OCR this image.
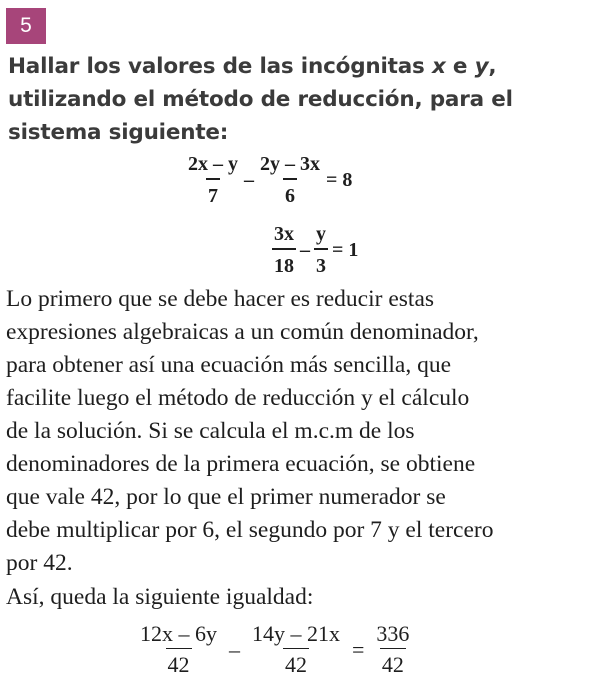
5
Hallar los valores de las incógnitas x e y,
utilizando el método de reducción, para el
sistema siguiente:
$\frac{2x - y}{7} - \frac{2y - 3x}{6} = 8$
$\frac{3x}{18} - \frac{y}{3} = 1$
Lo primero que se debe hacer es reducir estas
expresiones algebraicas a un común denominador,
para obtener así una ecuación más sencilla, que
facilite luego el método de reducción y el cálculo
de la solución. Si se calcula el m.c.m de los
denominadores de la primera ecuación, se obtiene
que vale 42, por lo que el primer numerador se
debe multiplicar por 6, el segundo por 7 y el tercero
por 42.
Así, queda la siguiente igualdad:
$\frac{12x - 6y}{42} - \frac{14y - 21x}{42} = \frac{336}{42}$
